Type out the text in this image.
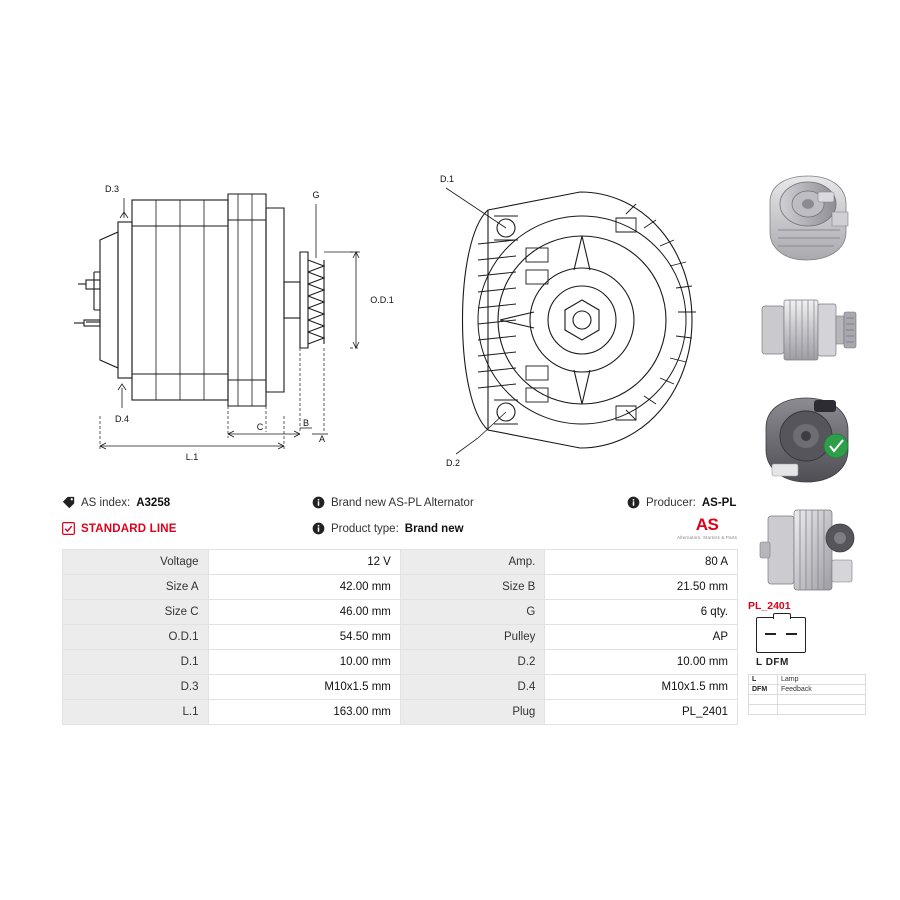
D.3
G
O.D.1
D.4
C	B
A
L.1
D.1
D.2
AS index: A3258	Brand new AS-PL Alternator	Producer: AS-PL
STANDARD LINE	Product type: Brand new	AS
Alternators, Starters & Parts
Voltage	12 V	Amp.	80 A
Size A	42.00 mm	Size B	21.50 mm
Size C	46.00 mm	G	6 qty.
O.D.1	54.50 mm	Pulley	AP
D.1	10.00 mm	D.2	10.00 mm
D.3	M10x1.5 mm	D.4	M10x1.5 mm
L.1	163.00 mm	Plug	PL_2401
PL_2401
L DFM
L	Lamp
DFM	Feedback
